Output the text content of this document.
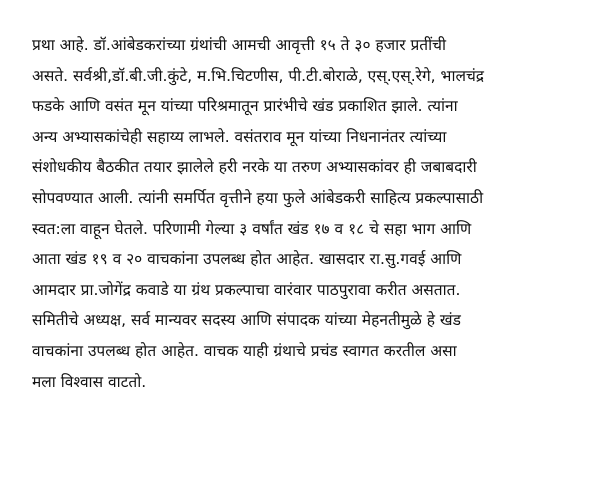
प्रथा आहे. डॉ.आंबेडकरांच्या ग्रंथांची आमची आवृत्ती १५ ते ३० हजार प्रतींची
असते. सर्वश्री,डॉ.बी.जी.कुंटे, म.भि.चिटणीस, पी.टी.बोराळे, एस्.एस्.रेगे, भालचंद्र
फडके आणि वसंत मून यांच्या परिश्रमातून प्रारंभीचे खंड प्रकाशित झाले. त्यांना
अन्य अभ्यासकांचेही सहाय्य लाभले. वसंतराव मून यांच्या निधनानंतर त्यांच्या
संशोधकीय बैठकीत तयार झालेले हरी नरके या तरुण अभ्यासकांवर ही जबाबदारी
सोपवण्यात आली. त्यांनी समर्पित वृत्तीने हया फुले आंबेडकरी साहित्य प्रकल्पासाठी
स्वत:ला वाहून घेतले. परिणामी गेल्या ३ वर्षांत खंड १७ व १८ चे सहा भाग आणि
आता खंड १९ व २० वाचकांना उपलब्ध होत आहेत. खासदार रा.सु.गवई आणि
आमदार प्रा.जोगेंद्र कवाडे या ग्रंथ प्रकल्पाचा वारंवार पाठपुरावा करीत असतात.
समितीचे अध्यक्ष, सर्व मान्यवर सदस्य आणि संपादक यांच्या मेहनतीमुळे हे खंड
वाचकांना उपलब्ध होत आहेत. वाचक याही ग्रंथाचे प्रचंड स्वागत करतील असा
मला विश्वास वाटतो.
